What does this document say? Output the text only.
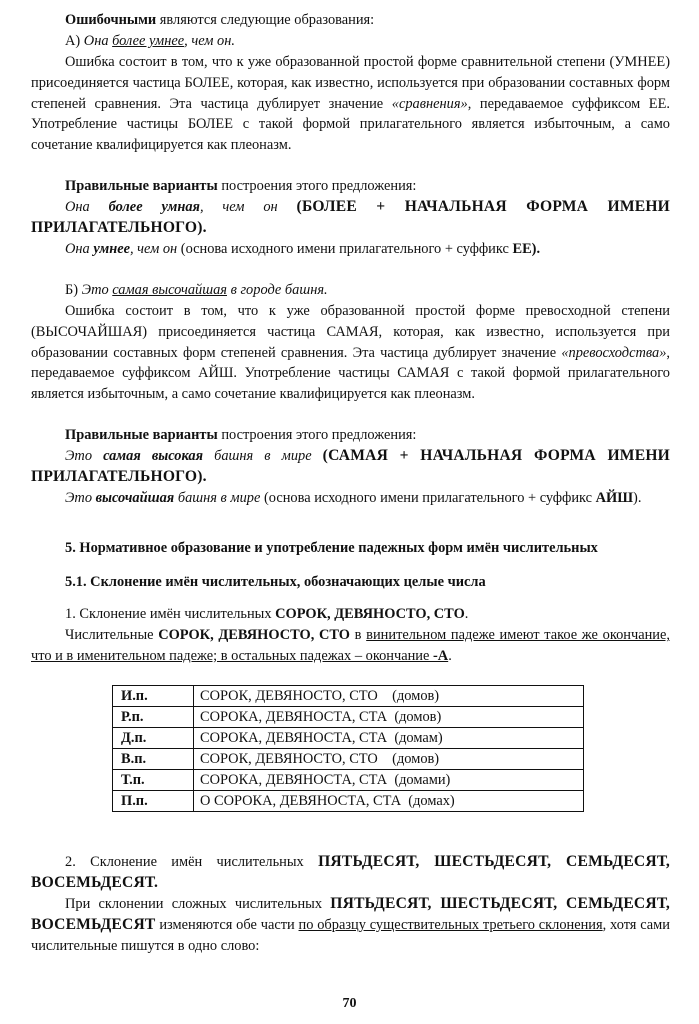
Ошибочными являются следующие образования:

А) Она более умнее, чем он.

Ошибка состоит в том, что к уже образованной простой форме сравнительной степени (УМНЕЕ) присоединяется частица БОЛЕЕ, которая, как известно, используется при образовании составных форм степеней сравнения. Эта частица дублирует значение «сравнения», передаваемое суффиксом ЕЕ. Употребление частицы БОЛЕЕ с такой формой прилагательного является избыточным, а само сочетание квалифицируется как плеоназм.

Правильные варианты построения этого предложения:

Она более умная, чем он (БОЛЕЕ + НАЧАЛЬНАЯ ФОРМА ИМЕНИ ПРИЛАГАТЕЛЬНОГО).

Она умнее, чем он (основа исходного имени прилагательного + суффикс ЕЕ).

Б) Это самая высочайшая в городе башня.

Ошибка состоит в том, что к уже образованной простой форме превосходной степени (ВЫСОЧАЙШАЯ) присоединяется частица САМАЯ, которая, как известно, используется при образовании составных форм степеней сравнения. Эта частица дублирует значение «превосходства», передаваемое суффиксом АЙШ. Употребление частицы САМАЯ с такой формой прилагательного является избыточным, а само сочетание квалифицируется как плеоназм.

Правильные варианты построения этого предложения:

Это самая высокая башня в мире (САМАЯ + НАЧАЛЬНАЯ ФОРМА ИМЕНИ ПРИЛАГАТЕЛЬНОГО).

Это высочайшая башня в мире (основа исходного имени прилагательного + суффикс АЙШ).

5. Нормативное образование и употребление падежных форм имён числительных

5.1. Склонение имён числительных, обозначающих целые числа

1. Склонение имён числительных СОРОК, ДЕВЯНОСТО, СТО.

Числительные СОРОК, ДЕВЯНОСТО, СТО в винительном падеже имеют такое же окончание, что и в именительном падеже; в остальных падежах – окончание -А.

И.п.	СОРОК, ДЕВЯНОСТО, СТО    (домов)
Р.п.	СОРОКА, ДЕВЯНОСТА, СТА  (домов)
Д.п.	СОРОКА, ДЕВЯНОСТА, СТА  (домам)
В.п.	СОРОК, ДЕВЯНОСТО, СТО    (домов)
Т.п.	СОРОКА, ДЕВЯНОСТА, СТА  (домами)
П.п.	О СОРОКА, ДЕВЯНОСТА, СТА  (домах)

2. Склонение имён числительных ПЯТЬДЕСЯТ, ШЕСТЬДЕСЯТ, СЕМЬДЕСЯТ, ВОСЕМЬДЕСЯТ.

При склонении сложных числительных ПЯТЬДЕСЯТ, ШЕСТЬДЕСЯТ, СЕМЬДЕСЯТ, ВОСЕМЬДЕСЯТ изменяются обе части по образцу существительных третьего склонения, хотя сами числительные пишутся в одно слово:

70
